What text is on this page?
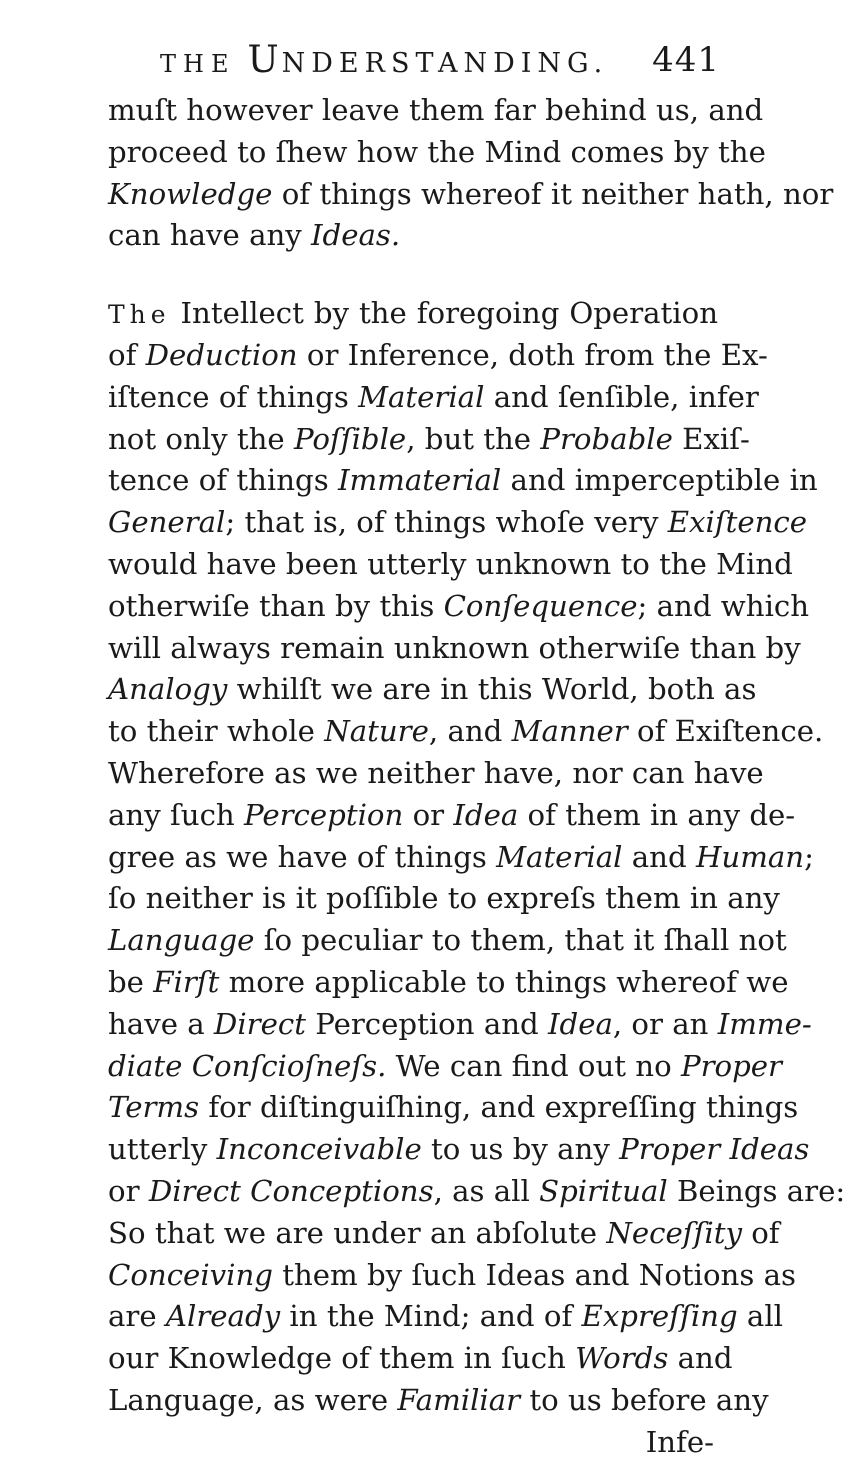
THE UNDERSTANDING. 441
muſt however leave them far behind us, and
proceed to ſhew how the Mind comes by the
Knowledge of things whereof it neither hath, nor
can have any Ideas.
The Intellect by the foregoing Operation
of Deduction or Inference, doth from the Ex-
iſtence of things Material and ſenſible, infer
not only the Poſſible, but the Probable Exiſ-
tence of things Immaterial and imperceptible in
General; that is, of things whoſe very Exiſtence
would have been utterly unknown to the Mind
otherwiſe than by this Conſequence; and which
will always remain unknown otherwiſe than by
Analogy whilſt we are in this World, both as
to their whole Nature, and Manner of Exiſtence.
Wherefore as we neither have, nor can have
any ſuch Perception or Idea of them in any de-
gree as we have of things Material and Human;
ſo neither is it poſſible to expreſs them in any
Language ſo peculiar to them, that it ſhall not
be Firſt more applicable to things whereof we
have a Direct Perception and Idea, or an Imme-
diate Conſcioſneſs. We can find out no Proper
Terms for diſtinguiſhing, and expreſſing things
utterly Inconceivable to us by any Proper Ideas
or Direct Conceptions, as all Spiritual Beings are:
So that we are under an abſolute Neceſſity of
Conceiving them by ſuch Ideas and Notions as
are Already in the Mind; and of Expreſſing all
our Knowledge of them in ſuch Words and
Language, as were Familiar to us before any
Infe-
